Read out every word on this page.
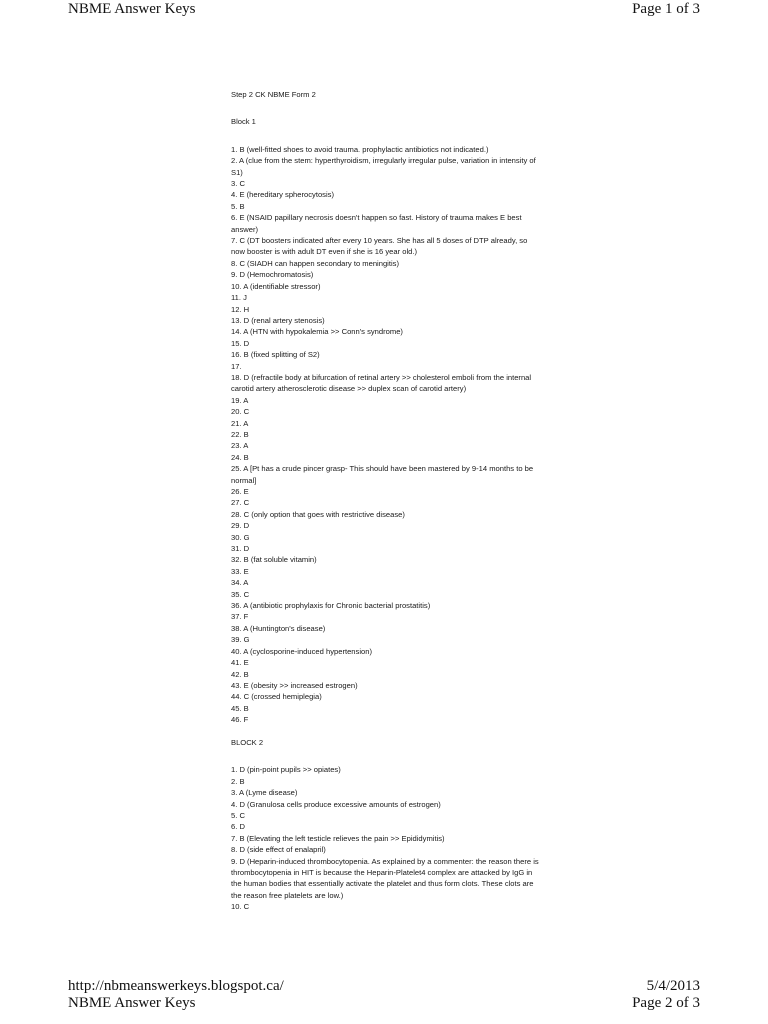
NBME Answer Keys	Page 1 of 3
Step 2 CK NBME Form 2
Block 1
1. B (well-fitted shoes to avoid trauma. prophylactic antibiotics not indicated.)
2. A (clue from the stem: hyperthyroidism, irregularly irregular pulse, variation in intensity of S1)
3. C
4. E (hereditary spherocytosis)
5. B
6. E (NSAID papillary necrosis doesn't happen so fast. History of trauma makes E best answer)
7. C (DT boosters indicated after every 10 years. She has all 5 doses of DTP already, so now booster is with adult DT even if she is 16 year old.)
8. C (SIADH can happen secondary to meningitis)
9. D (Hemochromatosis)
10. A (identifiable stressor)
11. J
12. H
13. D (renal artery stenosis)
14. A (HTN with hypokalemia >> Conn's syndrome)
15. D
16. B (fixed splitting of S2)
17.
18. D (refractile body at bifurcation of retinal artery >> cholesterol emboli from the internal carotid artery atherosclerotic disease >> duplex scan of carotid artery)
19. A
20. C
21. A
22. B
23. A
24. B
25. A [Pt has a crude pincer grasp- This should have been mastered by 9-14 months to be normal]
26. E
27. C
28. C (only option that goes with restrictive disease)
29. D
30. G
31. D
32. B (fat soluble vitamin)
33. E
34. A
35. C
36. A (antibiotic prophylaxis for Chronic bacterial prostatitis)
37. F
38. A (Huntington's disease)
39. G
40. A (cyclosporine-induced hypertension)
41. E
42. B
43. E (obesity >> increased estrogen)
44. C (crossed hemiplegia)
45. B
46. F
BLOCK 2
1. D (pin-point pupils >> opiates)
2. B
3. A (Lyme disease)
4. D (Granulosa cells produce excessive amounts of estrogen)
5. C
6. D
7. B (Elevating the left testicle relieves the pain >> Epididymitis)
8. D (side effect of enalapril)
9. D (Heparin-induced thrombocytopenia. As explained by a commenter: the reason there is thrombocytopenia in HIT is because the Heparin-Platelet4 complex are attacked by IgG in the human bodies that essentially activate the platelet and thus form clots. These clots are the reason free platelets are low.)
10. C
http://nbmeanswerkeys.blogspot.ca/	5/4/2013
NBME Answer Keys	Page 2 of 3
